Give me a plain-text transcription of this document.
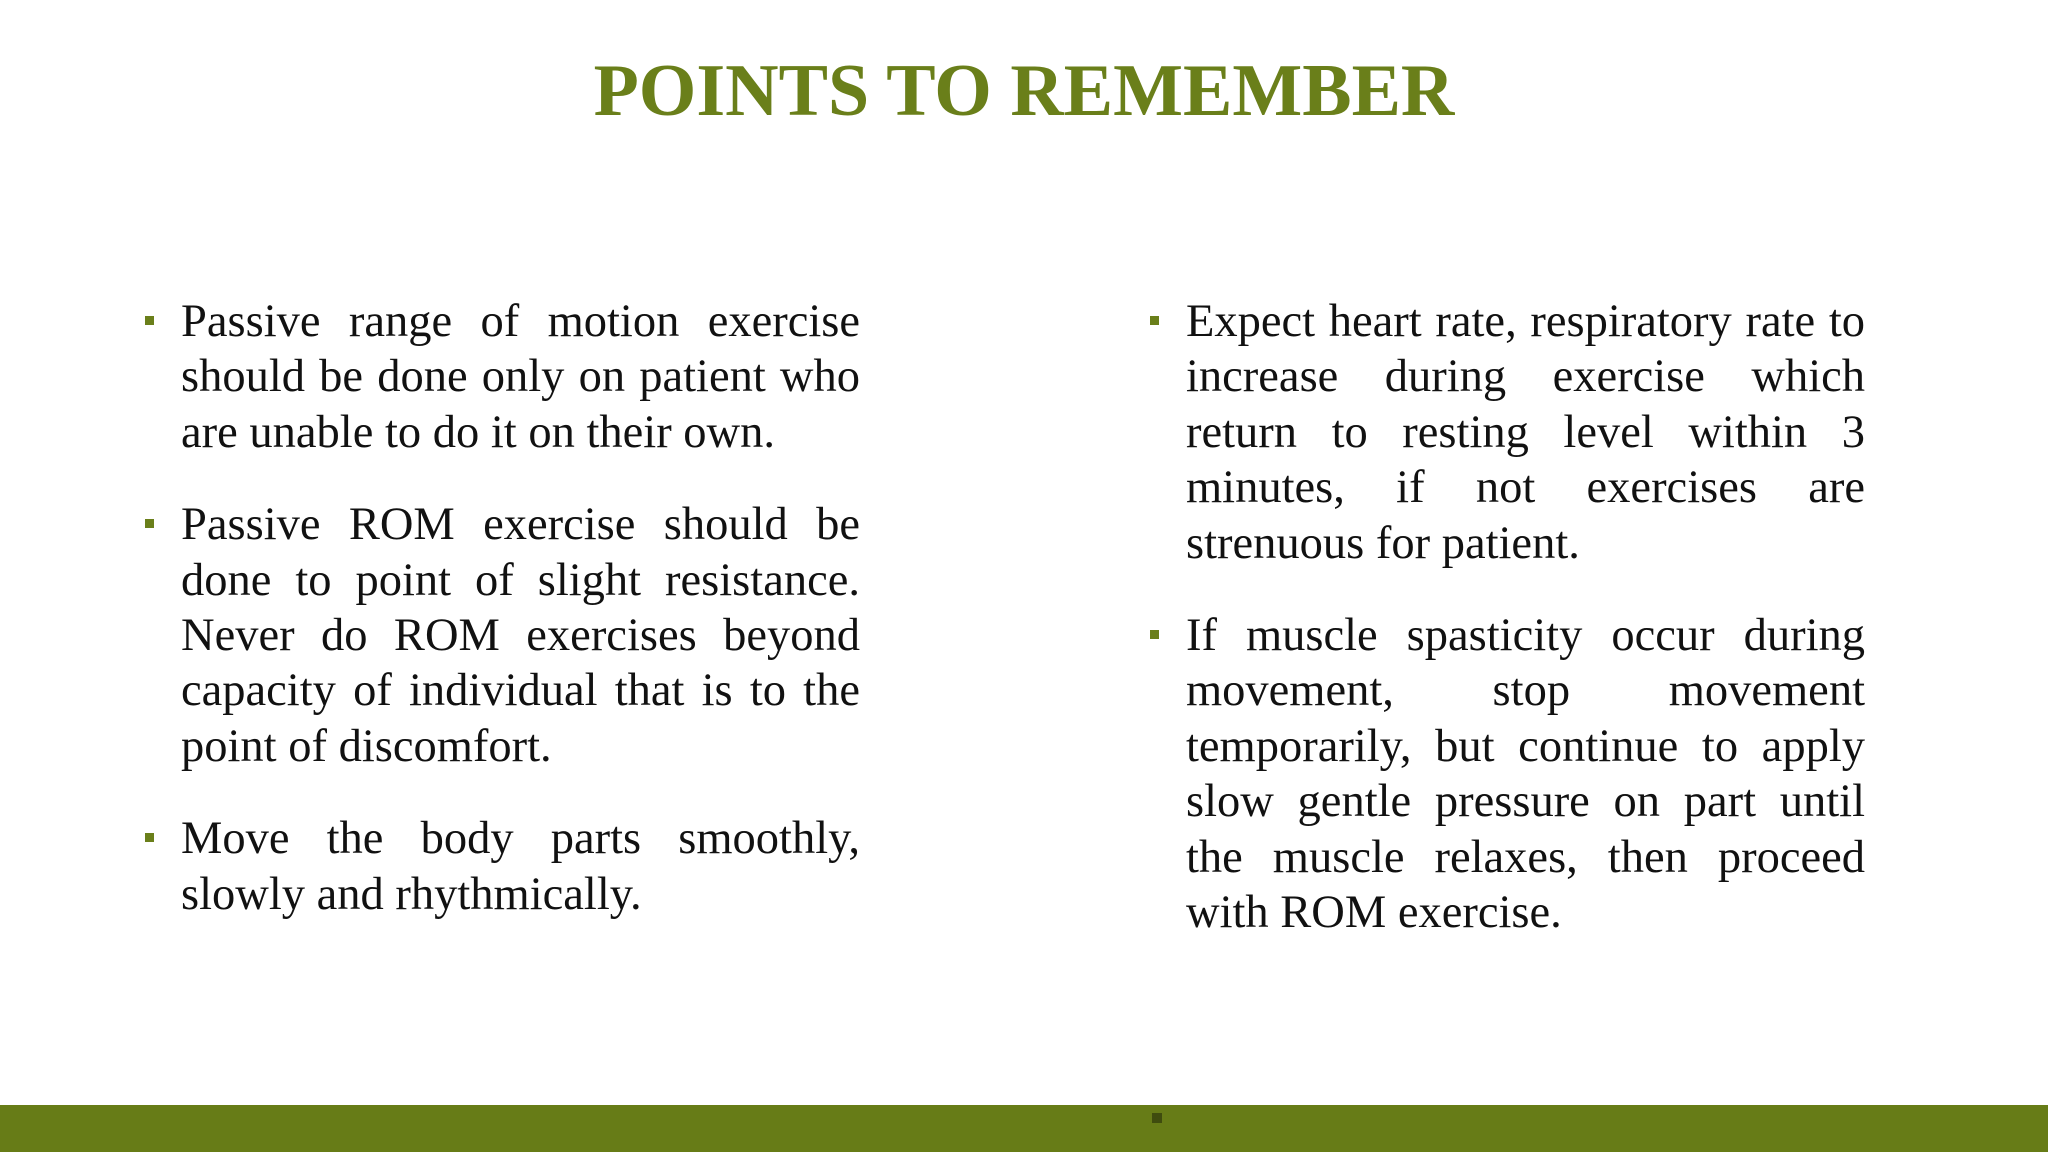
POINTS TO REMEMBER
Passive range of motion exercise should be done only on patient who are unable to do it on their own.
Passive ROM exercise should be done to point of slight resistance. Never do ROM exercises beyond capacity of individual that is to the point of discomfort.
Move the body parts smoothly, slowly and rhythmically.
Expect heart rate, respiratory rate to increase during exercise which return to resting level within 3 minutes, if not exercises are strenuous for patient.
If muscle spasticity occur during movement, stop movement temporarily, but continue to apply slow gentle pressure on part until the muscle relaxes, then proceed with ROM exercise.
